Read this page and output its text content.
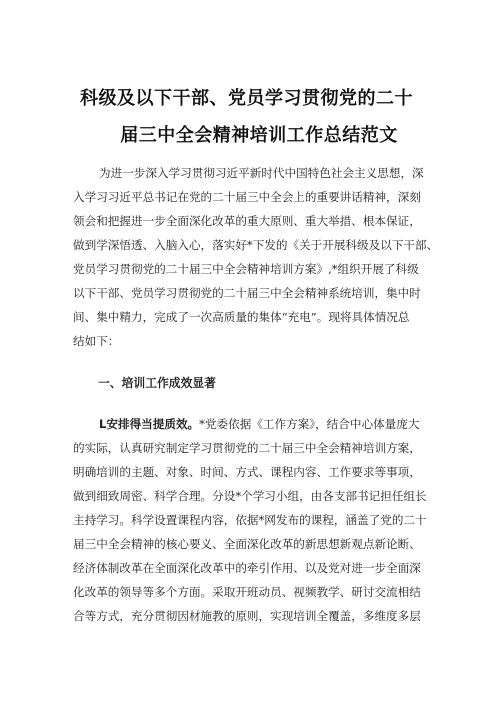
科级及以下干部、党员学习贯彻党的二十
届三中全会精神培训工作总结范文
为进一步深入学习贯彻习近平新时代中国特色社会主义思想，深
入学习习近平总书记在党的二十届三中全会上的重要讲话精神，深刻
领会和把握进一步全面深化改革的重大原则、重大举措、根本保证，
做到学深悟透、入脑入心，落实好*下发的《关于开展科级及以下干部、
党员学习贯彻党的二十届三中全会精神培训方案》,*组织开展了科级
以下干部、党员学习贯彻党的二十届三中全会精神系统培训，集中时
间、集中精力，完成了一次高质量的集体“充电”。现将具体情况总
结如下：
一、培训工作成效显著
L安排得当提质效。*党委依据《工作方案》，结合中心体量庞大
的实际，认真研究制定学习贯彻党的二十届三中全会精神培训方案，
明确培训的主题、对象、时间、方式、课程内容、工作要求等事项，
做到细致周密、科学合理。分设*个学习小组，由各支部书记担任组长
主持学习。科学设置课程内容，依据*网发布的课程，涵盖了党的二十
届三中全会精神的核心要义、全面深化改革的新思想新观点新论断、
经济体制改革在全面深化改革中的牵引作用、以及党对进一步全面深
化改革的领导等多个方面。采取开班动员、视频教学、研讨交流相结
合等方式，充分贯彻因材施教的原则，实现培训全覆盖，多维度多层
